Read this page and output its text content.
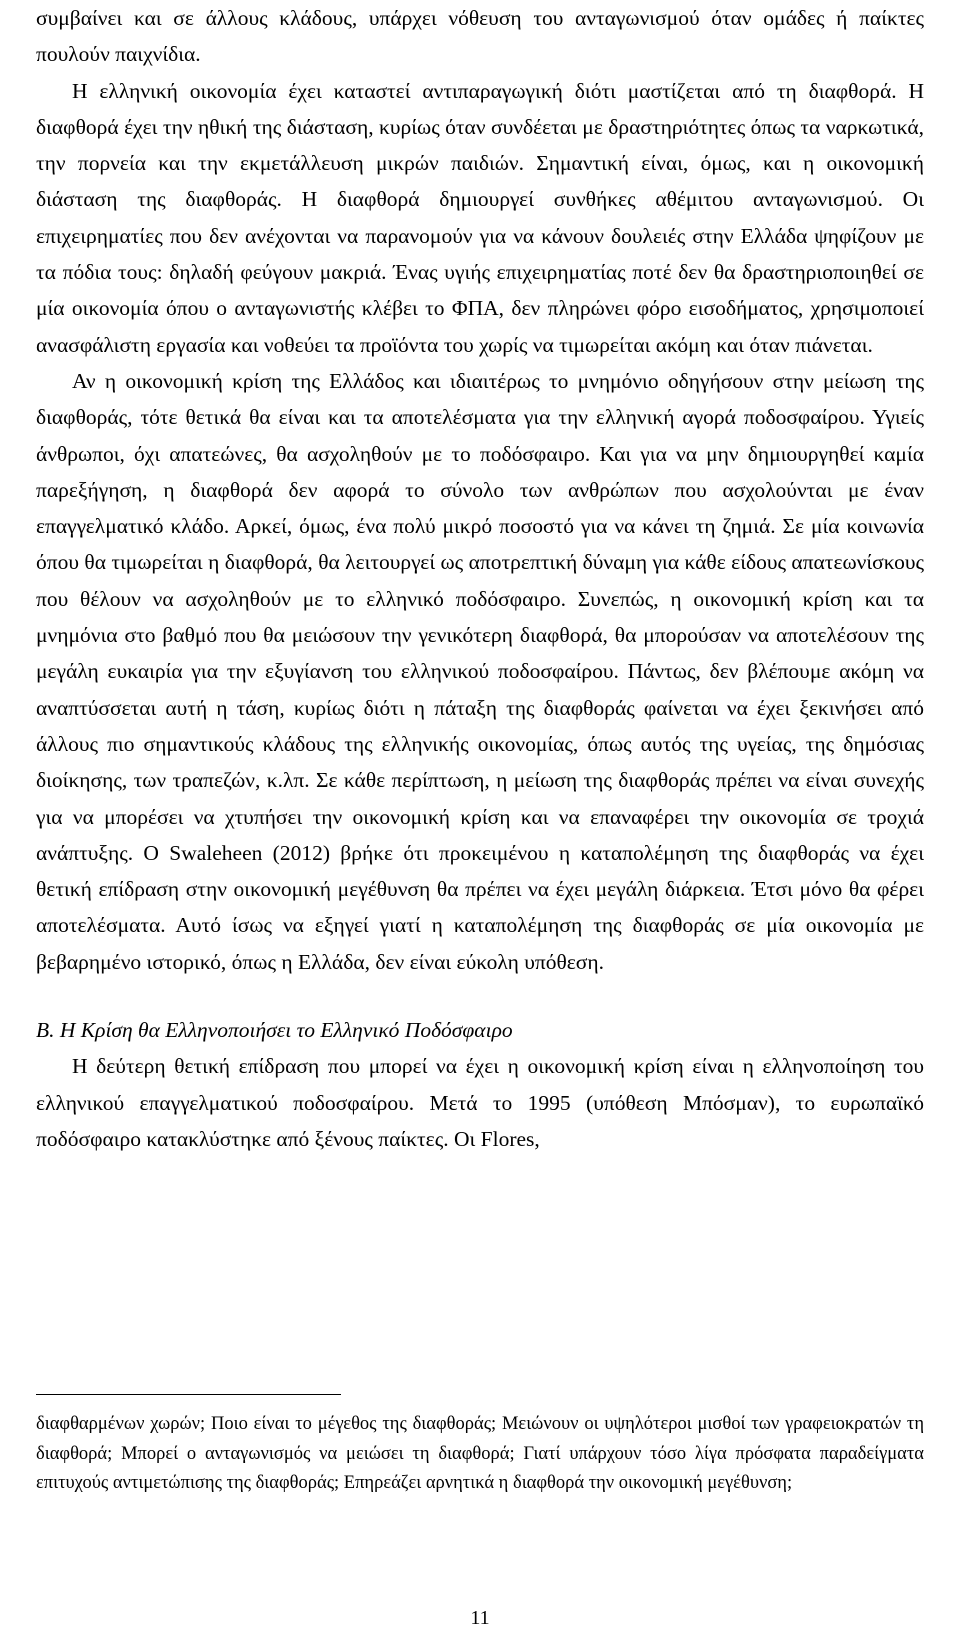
συμβαίνει και σε άλλους κλάδους, υπάρχει νόθευση του ανταγωνισμού όταν ομάδες ή παίκτες πουλούν παιχνίδια.

Η ελληνική οικονομία έχει καταστεί αντιπαραγωγική διότι μαστίζεται από τη διαφθορά. Η διαφθορά έχει την ηθική της διάσταση, κυρίως όταν συνδέεται με δραστηριότητες όπως τα ναρκωτικά, την πορνεία και την εκμετάλλευση μικρών παιδιών. Σημαντική είναι, όμως, και η οικονομική διάσταση της διαφθοράς. Η διαφθορά δημιουργεί συνθήκες αθέμιτου ανταγωνισμού. Οι επιχειρηματίες που δεν ανέχονται να παρανομούν για να κάνουν δουλειές στην Ελλάδα ψηφίζουν με τα πόδια τους: δηλαδή φεύγουν μακριά. Ένας υγιής επιχειρηματίας ποτέ δεν θα δραστηριοποιηθεί σε μία οικονομία όπου ο ανταγωνιστής κλέβει το ΦΠΑ, δεν πληρώνει φόρο εισοδήματος, χρησιμοποιεί ανασφάλιστη εργασία και νοθεύει τα προϊόντα του χωρίς να τιμωρείται ακόμη και όταν πιάνεται.

Αν η οικονομική κρίση της Ελλάδος και ιδιαιτέρως το μνημόνιο οδηγήσουν στην μείωση της διαφθοράς, τότε θετικά θα είναι και τα αποτελέσματα για την ελληνική αγορά ποδοσφαίρου. Υγιείς άνθρωποι, όχι απατεώνες, θα ασχοληθούν με το ποδόσφαιρο. Και για να μην δημιουργηθεί καμία παρεξήγηση, η διαφθορά δεν αφορά το σύνολο των ανθρώπων που ασχολούνται με έναν επαγγελματικό κλάδο. Αρκεί, όμως, ένα πολύ μικρό ποσοστό για να κάνει τη ζημιά. Σε μία κοινωνία όπου θα τιμωρείται η διαφθορά, θα λειτουργεί ως αποτρεπτική δύναμη για κάθε είδους απατεωνίσκους που θέλουν να ασχοληθούν με το ελληνικό ποδόσφαιρο. Συνεπώς, η οικονομική κρίση και τα μνημόνια στο βαθμό που θα μειώσουν την γενικότερη διαφθορά, θα μπορούσαν να αποτελέσουν της μεγάλη ευκαιρία για την εξυγίανση του ελληνικού ποδοσφαίρου. Πάντως, δεν βλέπουμε ακόμη να αναπτύσσεται αυτή η τάση, κυρίως διότι η πάταξη της διαφθοράς φαίνεται να έχει ξεκινήσει από άλλους πιο σημαντικούς κλάδους της ελληνικής οικονομίας, όπως αυτός της υγείας, της δημόσιας διοίκησης, των τραπεζών, κ.λπ. Σε κάθε περίπτωση, η μείωση της διαφθοράς πρέπει να είναι συνεχής για να μπορέσει να χτυπήσει την οικονομική κρίση και να επαναφέρει την οικονομία σε τροχιά ανάπτυξης. Ο Swaleheen (2012) βρήκε ότι προκειμένου η καταπολέμηση της διαφθοράς να έχει θετική επίδραση στην οικονομική μεγέθυνση θα πρέπει να έχει μεγάλη διάρκεια. Έτσι μόνο θα φέρει αποτελέσματα. Αυτό ίσως να εξηγεί γιατί η καταπολέμηση της διαφθοράς σε μία οικονομία με βεβαρημένο ιστορικό, όπως η Ελλάδα, δεν είναι εύκολη υπόθεση.

B. Η Κρίση θα Ελληνοποιήσει το Ελληνικό Ποδόσφαιρο

Η δεύτερη θετική επίδραση που μπορεί να έχει η οικονομική κρίση είναι η ελληνοποίηση του ελληνικού επαγγελματικού ποδοσφαίρου. Μετά το 1995 (υπόθεση Μπόσμαν), το ευρωπαϊκό ποδόσφαιρο κατακλύστηκε από ξένους παίκτες. Οι Flores,

διαφθαρμένων χωρών; Ποιο είναι το μέγεθος της διαφθοράς; Μειώνουν οι υψηλότεροι μισθοί των γραφειοκρατών τη διαφθορά; Μπορεί ο ανταγωνισμός να μειώσει τη διαφθορά; Γιατί υπάρχουν τόσο λίγα πρόσφατα παραδείγματα επιτυχούς αντιμετώπισης της διαφθοράς; Επηρεάζει αρνητικά η διαφθορά την οικονομική μεγέθυνση;

11
